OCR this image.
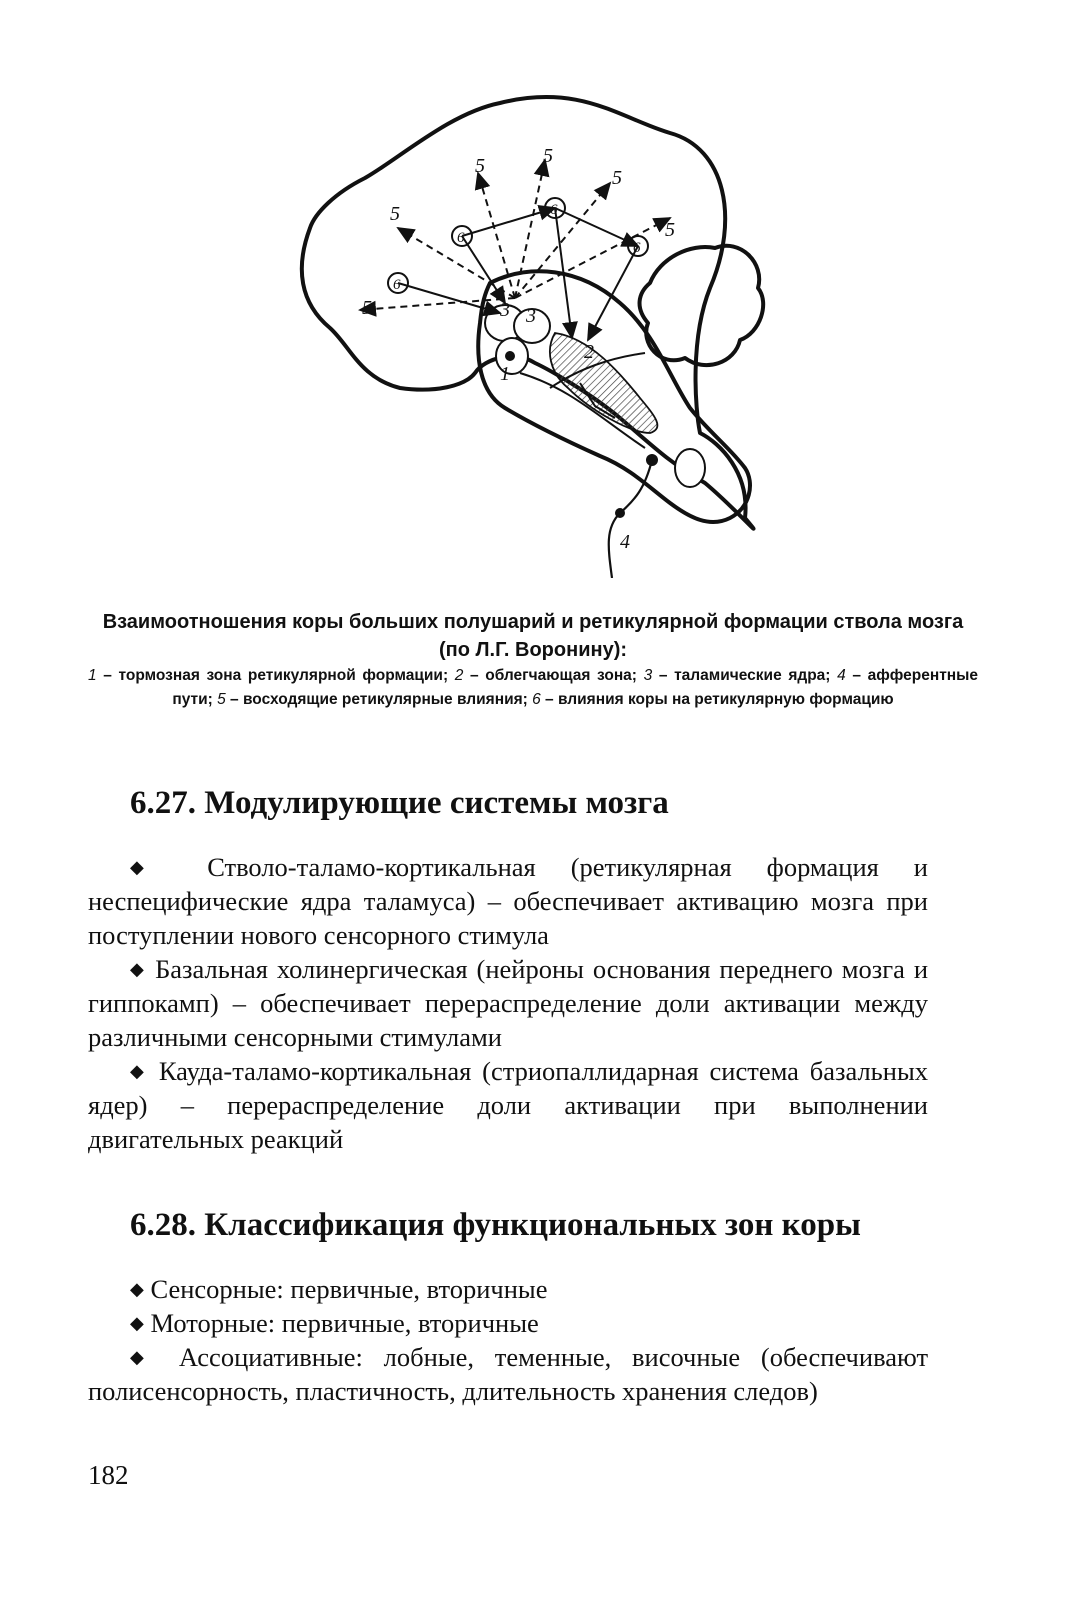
1
2
3 3
4
5
5
5	5
5
5
6
6
6
6
Взаимоотношения коры больших полушарий и ретикулярной формации ствола мозга (по Л.Г. Воронину):
1 – тормозная зона ретикулярной формации; 2 – облегчающая зона; 3 – таламические ядра; 4 – афферентные пути; 5 – восходящие ретикулярные влияния; 6 – влияния коры на ретикулярную формацию
6.27. Модулирующие системы мозга
◆ Стволо-таламо-кортикальная (ретикулярная формация и неспецифические ядра таламуса) – обеспечивает активацию мозга при поступлении нового сенсорного стимула
◆ Базальная холинергическая (нейроны основания переднего мозга и гиппокамп) – обеспечивает перераспределение доли активации между различными сенсорными стимулами
◆ Кауда-таламо-кортикальная (стриопаллидарная система базальных ядер) – перераспределение доли активации при выполнении двигательных реакций
6.28. Классификация функциональных зон коры
◆ Сенсорные: первичные, вторичные
◆ Моторные: первичные, вторичные
◆ Ассоциативные: лобные, теменные, височные (обеспечивают полисенсорность, пластичность, длительность хранения следов)
182
